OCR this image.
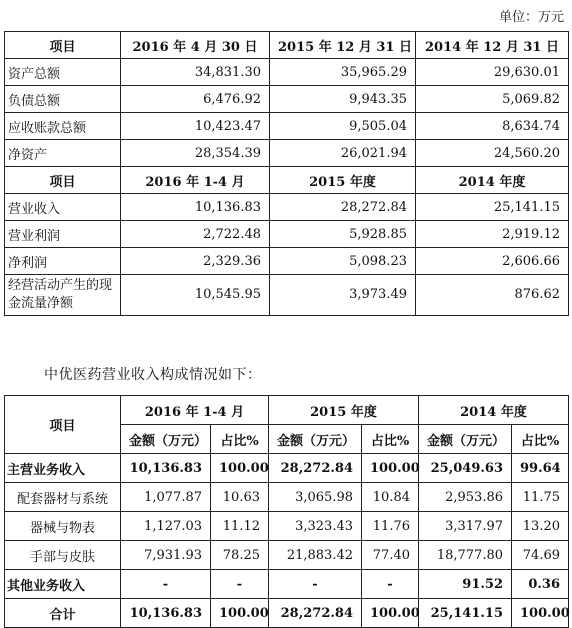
单位：万元
项目	2016 年 4 月 30 日	2015 年 12 月 31 日	2014 年 12 月 31 日
资产总额	34,831.30	35,965.29	29,630.01
负债总额	6,476.92	9,943.35	5,069.82
应收账款总额	10,423.47	9,505.04	8,634.74
净资产	28,354.39	26,021.94	24,560.20
项目	2016 年 1-4 月	2015 年度	2014 年度
营业收入	10,136.83	28,272.84	25,141.15
营业利润	2,722.48	5,928.85	2,919.12
净利润	2,329.36	5,098.23	2,606.66
经营活动产生的现金流量净额	10,545.95	3,973.49	876.62
中优医药营业收入构成情况如下：
项目	2016 年 1-4 月		2015 年度		2014 年度	
	金额（万元）	占比%	金额（万元）	占比%	金额（万元）	占比%
主营业务收入	10,136.83	100.00	28,272.84	100.00	25,049.63	99.64
配套器材与系统	1,077.87	10.63	3,065.98	10.84	2,953.86	11.75
器械与物表	1,127.03	11.12	3,323.43	11.76	3,317.97	13.20
手部与皮肤	7,931.93	78.25	21,883.42	77.40	18,777.80	74.69
其他业务收入	-	-	-	-	91.52	0.36
合计	10,136.83	100.00	28,272.84	100.00	25,141.15	100.00
